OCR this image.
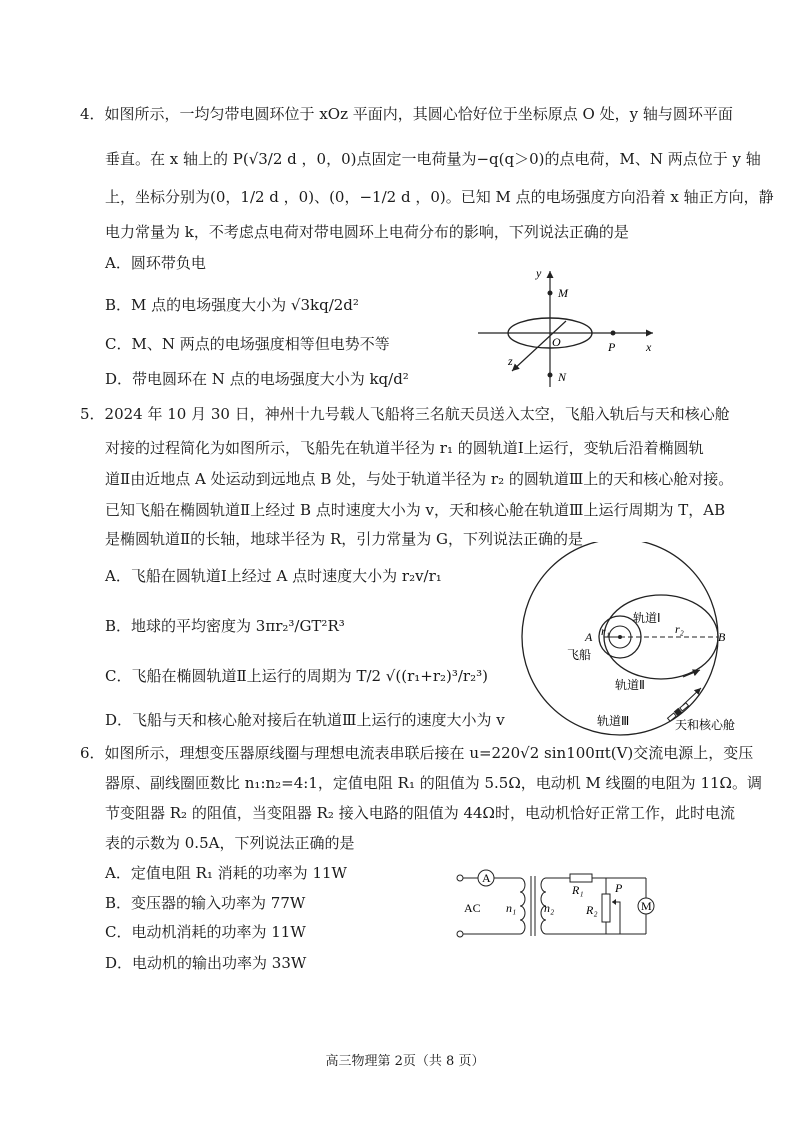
4．如图所示，一均匀带电圆环位于 xOz 平面内，其圆心恰好位于坐标原点 O 处，y 轴与圆环平面
垂直。在 x 轴上的 P(√3/2 d ，0，0)点固定一电荷量为−q(q＞0)的点电荷，M、N 两点位于 y 轴
上，坐标分别为(0，1/2 d ，0)、(0，−1/2 d ，0)。已知 M 点的电场强度方向沿着 x 轴正方向，静
电力常量为 k，不考虑点电荷对带电圆环上电荷分布的影响，下列说法正确的是
A．圆环带负电
B．M 点的电场强度大小为 √3kq/2d²
C．M、N 两点的电场强度相等但电势不等
D．带电圆环在 N 点的电场强度大小为 kq/d²
y
M
O	P	x
z
N
5．2024 年 10 月 30 日，神州十九号载人飞船将三名航天员送入太空，飞船入轨后与天和核心舱
对接的过程简化为如图所示，飞船先在轨道半径为 r₁ 的圆轨道Ⅰ上运行，变轨后沿着椭圆轨
道Ⅱ由近地点 A 处运动到远地点 B 处，与处于轨道半径为 r₂ 的圆轨道Ⅲ上的天和核心舱对接。
已知飞船在椭圆轨道Ⅱ上经过 B 点时速度大小为 v，天和核心舱在轨道Ⅲ上运行周期为 T，AB
是椭圆轨道Ⅱ的长轴，地球半径为 R，引力常量为 G，下列说法正确的是
A．飞船在圆轨道Ⅰ上经过 A 点时速度大小为 r₂v/r₁
B．地球的平均密度为 3πr₂³/GT²R³
C．飞船在椭圆轨道Ⅱ上运行的周期为 T/2 √((r₁+r₂)³/r₂³)
D．飞船与天和核心舱对接后在轨道Ⅲ上运行的速度大小为 v
轨道Ⅰ
A r₁	r₂
B
飞船
轨道Ⅱ
轨道Ⅲ	天和核心舱
6．如图所示，理想变压器原线圈与理想电流表串联后接在 u=220√2 sin100πt(V)交流电源上，变压
器原、副线圈匝数比 n₁:n₂=4:1，定值电阻 R₁ 的阻值为 5.5Ω，电动机 M 线圈的电阻为 11Ω。调
节变阻器 R₂ 的阻值，当变阻器 R₂ 接入电路的阻值为 44Ω时，电动机恰好正常工作，此时电流
表的示数为 0.5A，下列说法正确的是
A．定值电阻 R₁ 消耗的功率为 11W
B．变压器的输入功率为 77W
C．电动机消耗的功率为 11W
D．电动机的输出功率为 33W
A
AC n₁ n₂
R₁
R₂
P
M
高三物理第 2页（共 8 页）
